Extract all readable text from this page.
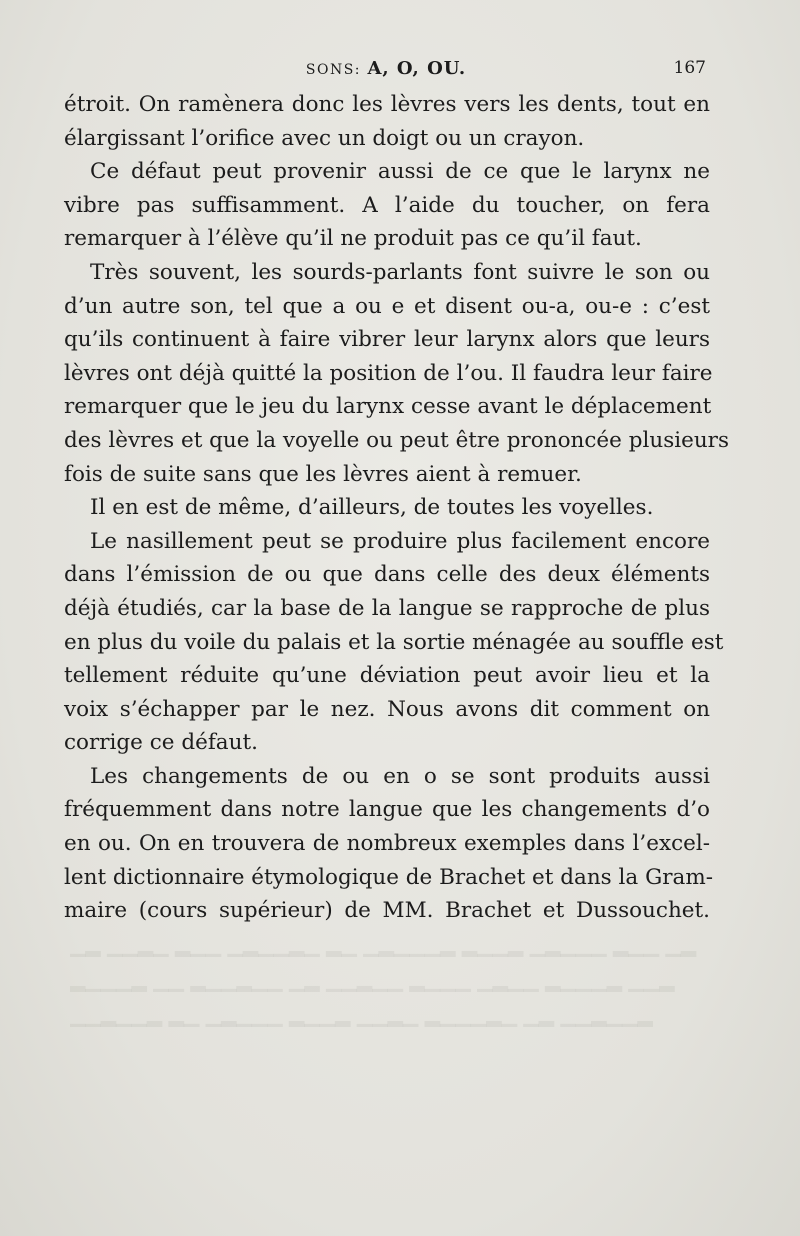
▁▂ ▁▁▂▁ ▂▁▁ ▁▂▁▁▂▁ ▂▁ ▁▂▁▁▁▂ ▂▁▁▂ ▁▂▁▁▁ ▂▁▁ ▁▂
▂▁▁▁▂ ▁▁ ▂▁▁▂▁▁ ▁▂ ▁▁▂▁▁ ▂▁▁▁ ▁▂▁▁ ▂▁▁▁▂ ▁▁▂
▁▁▂▁▁▂ ▂▁ ▁▂▁▁▁ ▂▁▁▂ ▁▁▂▁ ▂▁▁▁▂▁ ▁▂ ▁▁▂▁▁▂
SONS: A, O, OU.	167
étroit. On ramènera donc les lèvres vers les dents, tout en
élargissant l’orifice avec un doigt ou un crayon.
Ce défaut peut provenir aussi de ce que le larynx ne
vibre pas suffisamment. A l’aide du toucher, on fera
remarquer à l’élève qu’il ne produit pas ce qu’il faut.
Très souvent, les sourds-parlants font suivre le son ou
d’un autre son, tel que a ou e et disent ou-a, ou-e : c’est
qu’ils continuent à faire vibrer leur larynx alors que leurs
lèvres ont déjà quitté la position de l’ou. Il faudra leur faire
remarquer que le jeu du larynx cesse avant le déplacement
des lèvres et que la voyelle ou peut être prononcée plusieurs
fois de suite sans que les lèvres aient à remuer.
Il en est de même, d’ailleurs, de toutes les voyelles.
Le nasillement peut se produire plus facilement encore
dans l’émission de ou que dans celle des deux éléments
déjà étudiés, car la base de la langue se rapproche de plus
en plus du voile du palais et la sortie ménagée au souffle est
tellement réduite qu’une déviation peut avoir lieu et la
voix s’échapper par le nez. Nous avons dit comment on
corrige ce défaut.
Les changements de ou en o se sont produits aussi
fréquemment dans notre langue que les changements d’o
en ou. On en trouvera de nombreux exemples dans l’excel-
lent dictionnaire étymologique de Brachet et dans la Gram-
maire (cours supérieur) de MM. Brachet et Dussouchet.
